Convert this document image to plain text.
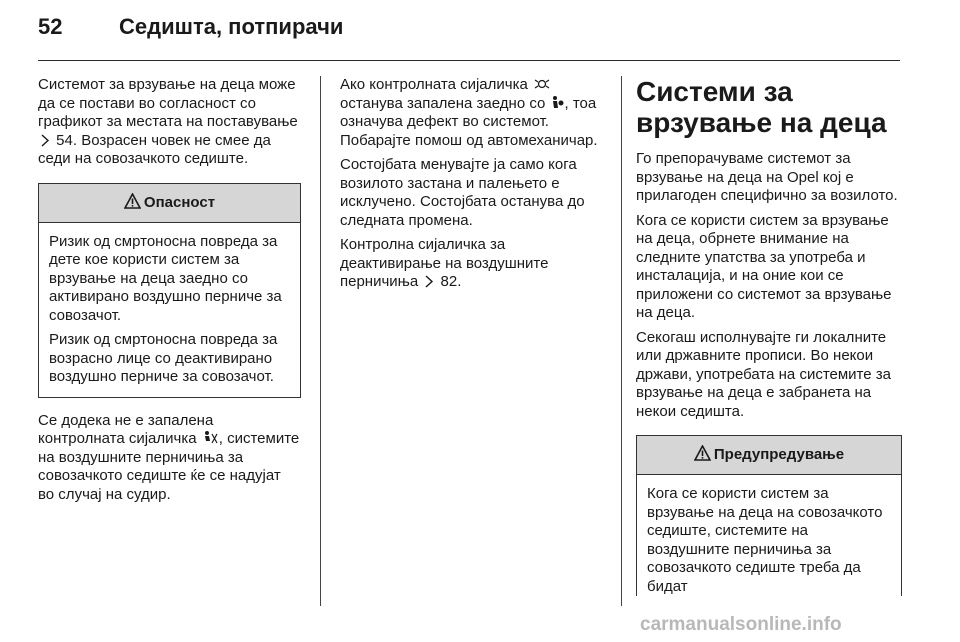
52	Седишта, потпирачи

Системот за врзување на деца може да се постави во согласност со графикот за местата на поставување  54. Возрасен човек не смее да седи на совозачкото седиште.

Опасност

Ризик од смртоносна повреда за дете кое користи систем за врзување на деца заедно со активирано воздушно перниче за совозачот.

Ризик од смртоносна повреда за возрасно лице со деактивирано воздушно перниче за совозачот.

Се додека не е запалена контролната сијаличка , системите на воздушните перничиња за совозачкото седиште ќе се надујат во случај на судир.

Ако контролната сијаличка  останува запалена заедно со , тоа означува дефект во системот. Побарајте помош од автомеханичар.

Состојбата менувајте ја само кога возилото застана и палењето е исклучено. Состојбата останува до следната промена.

Контролна сијаличка за деактивирање на воздушните перничиња 82.

Системи за врзување на деца

Го препорачуваме системот за врзување на деца на Opel кој е прилагоден специфично за возилото.

Кога се користи систем за врзување на деца, обрнете внимание на следните упатства за употреба и инсталација, и на оние кои се приложени со системот за врзување на деца.

Секогаш исполнувајте ги локалните или државните прописи. Во некои држави, употребата на системите за врзување на деца е забранета на некои седишта.

Предупредување

Кога се користи систем за врзување на деца на совозачкото седиште, системите на воздушните перничиња за совозачкото седиште треба да бидат

carmanualsonline.info
